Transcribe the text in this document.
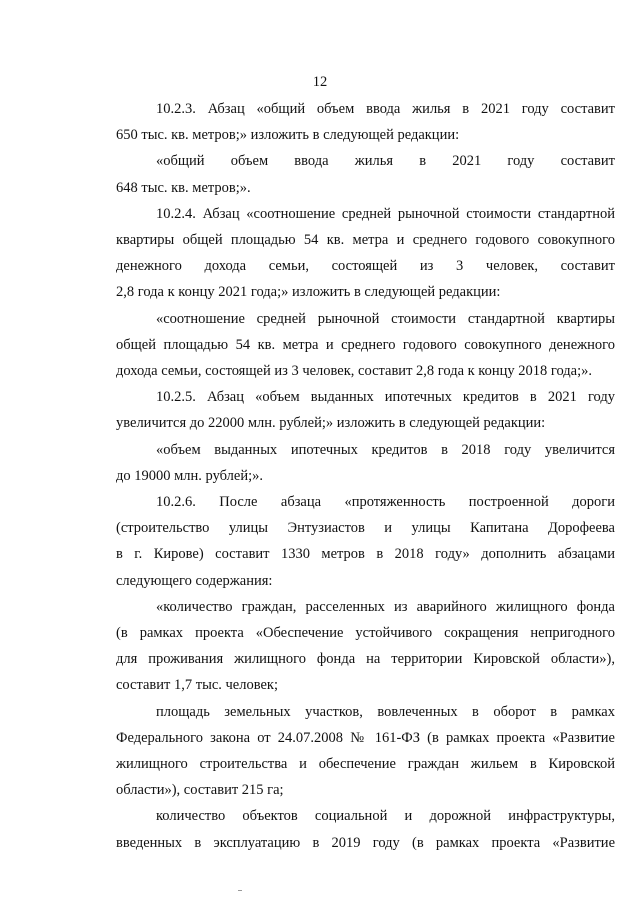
12
10.2.3. Абзац «общий объем ввода жилья в 2021 году составит
650 тыс. кв. метров;» изложить в следующей редакции:
«общий объем ввода жилья в 2021 году составит
648 тыс. кв. метров;».
10.2.4. Абзац «соотношение средней рыночной стоимости стандартной
квартиры общей площадью 54 кв. метра и среднего годового совокупного
денежного дохода семьи, состоящей из 3 человек, составит
2,8 года к концу 2021 года;» изложить в следующей редакции:
«соотношение средней рыночной стоимости стандартной квартиры
общей площадью 54 кв. метра и среднего годового совокупного денежного
дохода семьи, состоящей из 3 человек, составит 2,8 года к концу 2018 года;».
10.2.5. Абзац «объем выданных ипотечных кредитов в 2021 году
увеличится до 22000 млн. рублей;» изложить в следующей редакции:
«объем выданных ипотечных кредитов в 2018 году увеличится
до 19000 млн. рублей;».
10.2.6. После абзаца «протяженность построенной дороги
(строительство улицы Энтузиастов и улицы Капитана Дорофеева
в г. Кирове) составит 1330 метров в 2018 году» дополнить абзацами
следующего содержания:
«количество граждан, расселенных из аварийного жилищного фонда
(в рамках проекта «Обеспечение устойчивого сокращения непригодного
для проживания жилищного фонда на территории Кировской области»),
составит 1,7 тыс. человек;
площадь земельных участков, вовлеченных в оборот в рамках
Федерального закона от 24.07.2008 № 161-ФЗ (в рамках проекта «Развитие
жилищного строительства и обеспечение граждан жильем в Кировской
области»), составит 215 га;
количество объектов социальной и дорожной инфраструктуры,
введенных в эксплуатацию в 2019 году (в рамках проекта «Развитие
